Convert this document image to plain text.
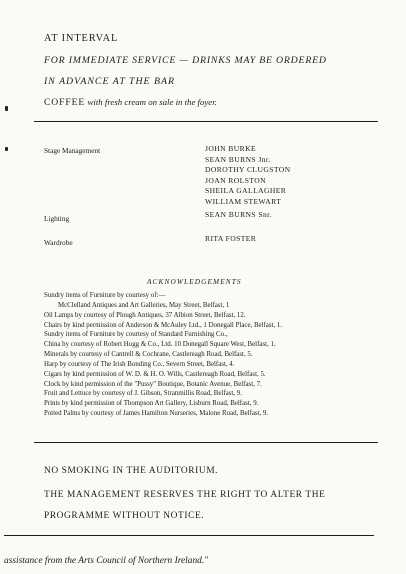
AT INTERVAL
FOR IMMEDIATE SERVICE — DRINKS MAY BE ORDERED
IN ADVANCE AT THE BAR
COFFEE with fresh cream on sale in the foyer.
Stage Management	JOHN BURKE
SEAN BURNS Jnr.
DOROTHY CLUGSTON
JOAN ROLSTON
SHEILA GALLAGHER
WILLIAM STEWART
Lighting	SEAN BURNS Snr.
Wardrobe	RITA FOSTER
ACKNOWLEDGEMENTS
Sundry items of Furniture by courtesy of:—
McClelland Antiques and Art Galleries, May Street, Belfast, 1
Oil Lamps by courtesy of Plough Antiques, 37 Albion Street, Belfast, 12.
Chairs by kind permission of Anderson & McAuley Ltd., 1 Donegall Place, Belfast, 1.
Sundry items of Furniture by courtesy of Standard Furnishing Co.,
China by courtesy of Robert Hogg & Co., Ltd. 10 Donegall Square West, Belfast, 1.
Minerals by courtesy of Cantrell & Cochrane, Castlereagh Road, Belfast, 5.
Harp by courtesy of The Irish Bonding Co., Severn Street, Belfast, 4.
Cigars by kind permission of W. D. & H. O. Wills, Castlereagh Road, Belfast, 5.
Clock by kind permission of the "Pussy" Boutique, Botanic Avenue, Belfast, 7.
Fruit and Lettuce by courtesy of J. Gibson, Stranmillis Road, Belfast, 9.
Prints by kind permission of Thompson Art Gallery, Lisburn Road, Belfast, 9.
Potted Palms by courtesy of James Hamilton Nurseries, Malone Road, Belfast, 9.
NO SMOKING IN THE AUDITORIUM.
THE MANAGEMENT RESERVES THE RIGHT TO ALTER THE
PROGRAMME WITHOUT NOTICE.
assistance from the Arts Council of Northern Ireland."
